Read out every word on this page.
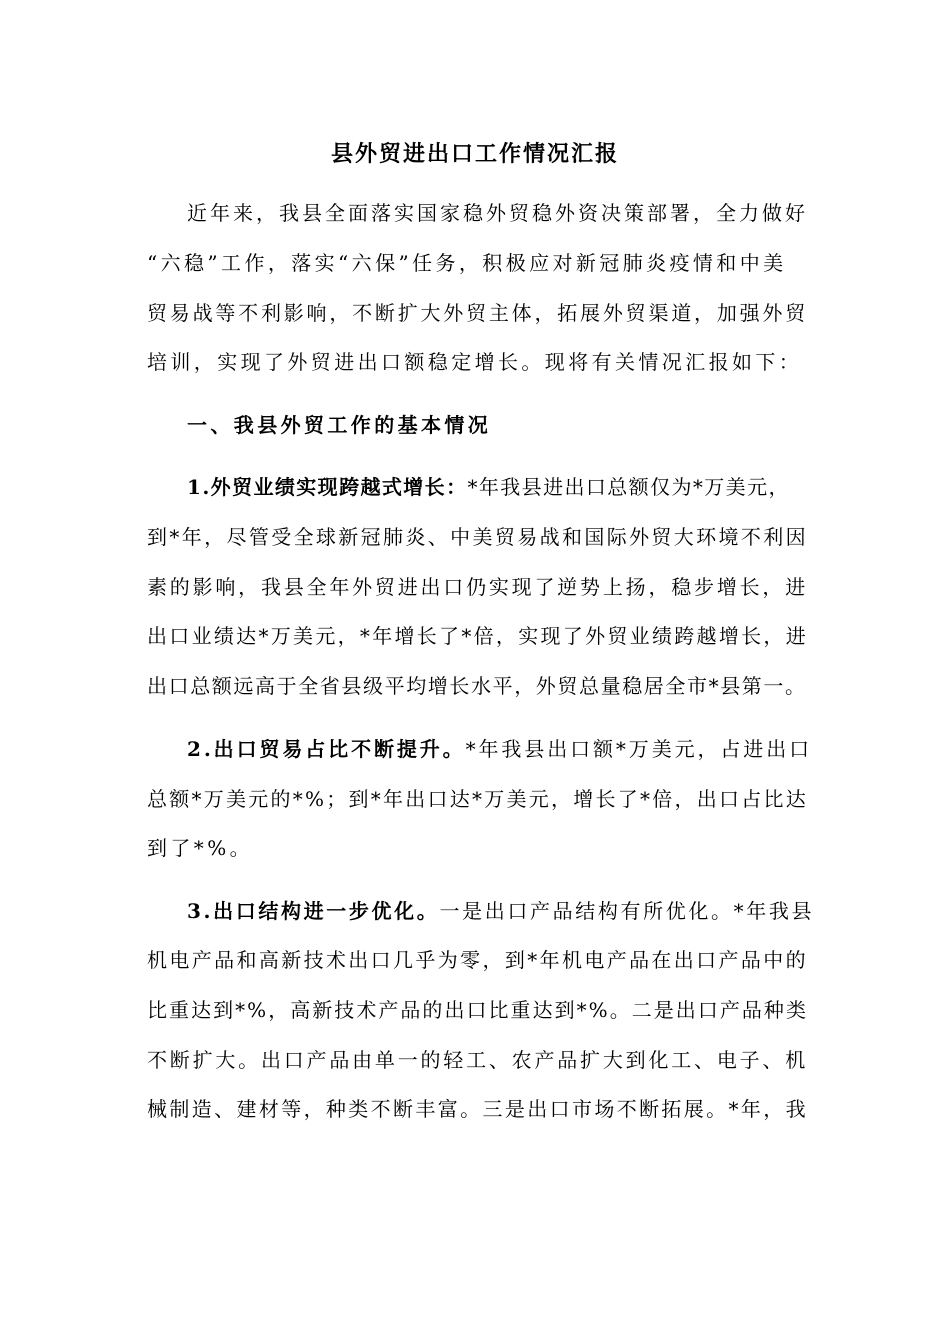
县外贸进出口工作情况汇报
近年来，我县全面落实国家稳外贸稳外资决策部署，全力做好
“六稳”工作，落实“六保”任务，积极应对新冠肺炎疫情和中美
贸易战等不利影响，不断扩大外贸主体，拓展外贸渠道，加强外贸
培训，实现了外贸进出口额稳定增长。现将有关情况汇报如下：
一、我县外贸工作的基本情况
1.外贸业绩实现跨越式增长：*年我县进出口总额仅为*万美元，
到*年，尽管受全球新冠肺炎、中美贸易战和国际外贸大环境不利因
素的影响，我县全年外贸进出口仍实现了逆势上扬，稳步增长，进
出口业绩达*万美元，*年增长了*倍，实现了外贸业绩跨越增长，进
出口总额远高于全省县级平均增长水平，外贸总量稳居全市*县第一。
2.出口贸易占比不断提升。*年我县出口额*万美元，占进出口
总额*万美元的*%；到*年出口达*万美元，增长了*倍，出口占比达
到了*%。
3.出口结构进一步优化。一是出口产品结构有所优化。*年我县
机电产品和高新技术出口几乎为零，到*年机电产品在出口产品中的
比重达到*%，高新技术产品的出口比重达到*%。二是出口产品种类
不断扩大。出口产品由单一的轻工、农产品扩大到化工、电子、机
械制造、建材等，种类不断丰富。三是出口市场不断拓展。*年，我
